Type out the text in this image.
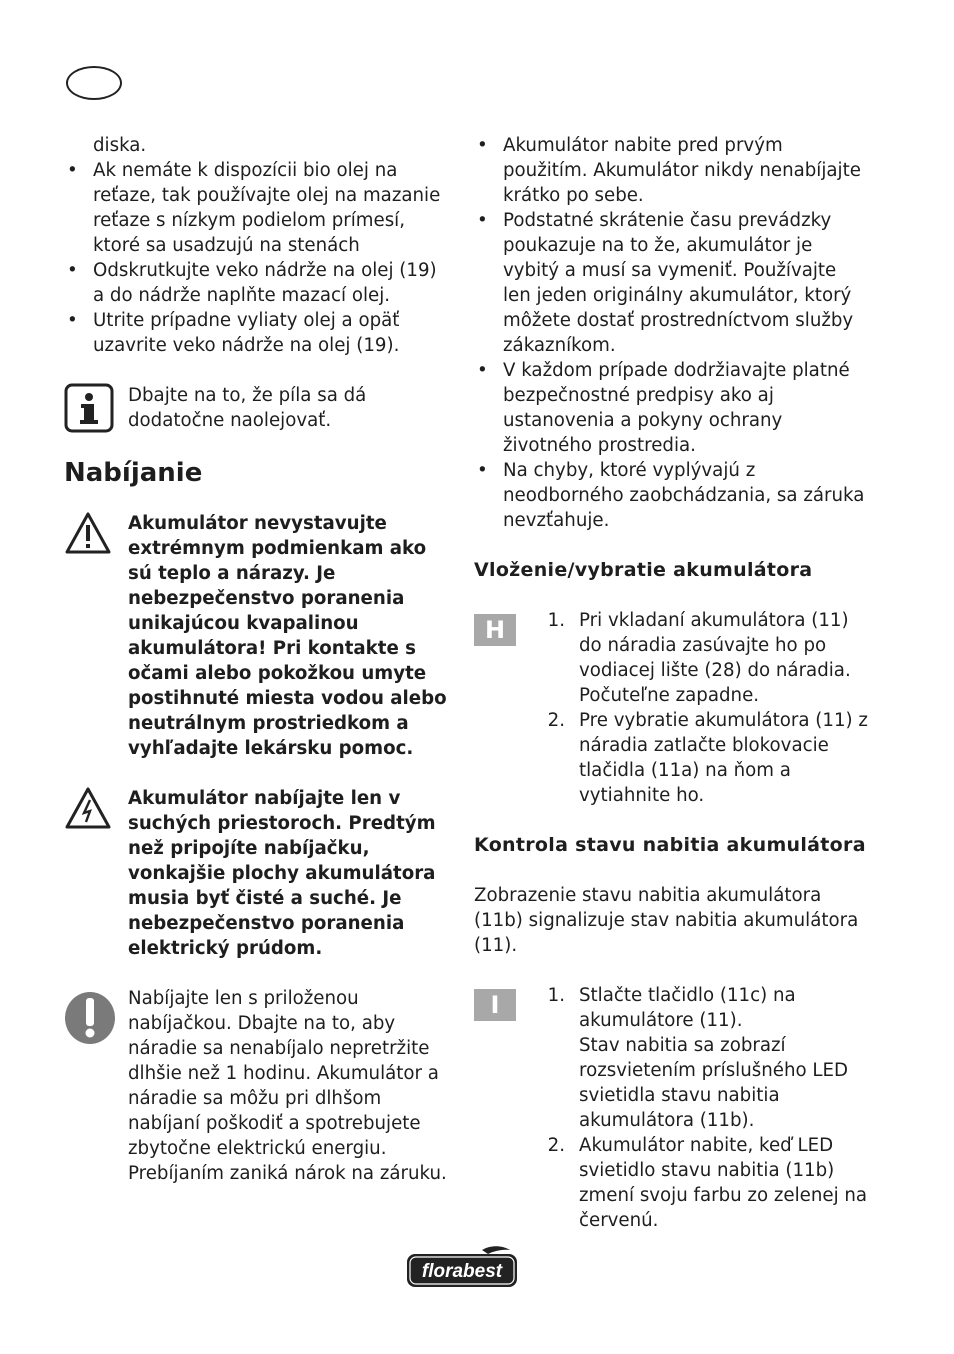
diska.

• Ak nemáte k dispozícii bio olej na reťaze, tak používajte olej na mazanie reťaze s nízkym podielom prímesí, ktoré sa usadzujú na stenách
• Odskrutkujte veko nádrže na olej (19) a do nádrže naplňte mazací olej.
• Utrite prípadne vyliaty olej a opäť uzavrite veko nádrže na olej (19).

Dbajte na to, že píla sa dá dodatočne naolejovať.

Nabíjanie

Akumulátor nevystavujte extrémnym podmienkam ako sú teplo a nárazy. Je nebezpečenstvo poranenia unikajúcou kvapalinou akumulátora! Pri kontakte s očami alebo pokožkou umyte postihnuté miesta vodou alebo neutrálnym prostriedkom a vyhľadajte lekársku pomoc.

Akumulátor nabíjajte len v suchých priestoroch. Predtým než pripojíte nabíjačku, vonkajšie plochy akumulátora musia byť čisté a suché. Je nebezpečenstvo poranenia elektrický prúdom.

Nabíjajte len s priloženou nabíjačkou. Dbajte na to, aby náradie sa nenabíjalo nepretržite dlhšie než 1 hodinu. Akumulátor a náradie sa môžu pri dlhšom nabíjaní poškodiť a spotrebujete zbytočne elektrickú energiu. Prebíjaním zaniká nárok na záruku.

• Akumulátor nabite pred prvým použitím. Akumulátor nikdy nenabíjajte krátko po sebe.
• Podstatné skrátenie času prevádzky poukazuje na to že, akumulátor je vybitý a musí sa vymeniť. Používajte len jeden originálny akumulátor, ktorý môžete dostať prostredníctvom služby zákazníkom.
• V každom prípade dodržiavajte platné bezpečnostné predpisy ako aj ustanovenia a pokyny ochrany životného prostredia.
• Na chyby, ktoré vyplývajú z neodborného zaobchádzania, sa záruka nevzťahuje.
Vloženie/vybratie akumulátora
H	1. Pri vkladaní akumulátora (11) do náradia zasúvajte ho po vodiacej lište (28) do náradia. Počuteľne zapadne.
2. Pre vybratie akumulátora (11) z náradia zatlačte blokovacie tlačidla (11a) na ňom a vytiahnite ho.
Kontrola stavu nabitia akumulátora

Zobrazenie stavu nabitia akumulátora (11b) signalizuje stav nabitia akumulátora (11).

I	1. Stlačte tlačidlo (11c) na akumulátore (11).
Stav nabitia sa zobrazí rozsvietením príslušného LED svietidla stavu nabitia akumulátora (11b).
2. Akumulátor nabite, keď LED svietidlo stavu nabitia (11b) zmení svoju farbu zo zelenej na červenú.
florabest
